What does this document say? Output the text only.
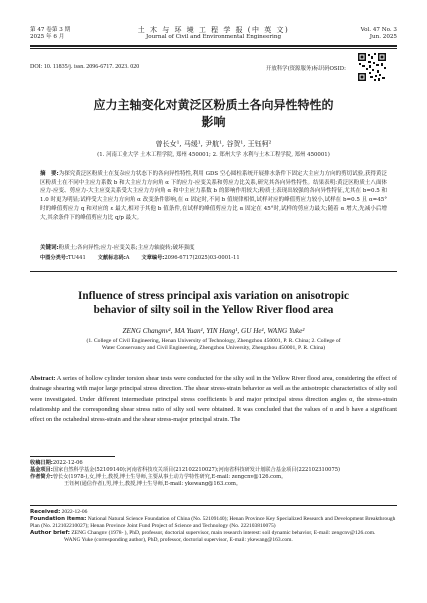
第 47 卷第 3 期
2025 年 6 月
土 木 与 环 境 工 程 学 报 (中 英 文)
Journal of Civil and Environmental Engineering
Vol. 47 No. 3
Jun. 2025
DOI: 10. 11835/j. issn. 2096-6717. 2023. 020	开放科学(资源服务)标识码OSID:
应力主轴变化对黄泛区粉质土各向异性特性的
影响
曾长女¹, 马缓¹, 尹航¹, 谷贺¹, 王钰柯²
(1. 河南工业大学 土木工程学院, 郑州 450001; 2. 郑州大学 水利与土木工程学院, 郑州 450001)
摘　要:为探究黄泛区粉质土在复杂应力状态下的各向异性特性,利用 GDS 空心圆柱系统开展排水条件下固定大主应力方向的剪切试验,获得黄泛区粉质土在不同中主应力系数 b 和大主应力方向角 α 下的应力-应变关系和剪应力比关系,研究其各向异性特性。结果表明:黄泛区粉质土八面体应力-应变、剪应力-大主应变关系受大主应力方向角 α 和中主应力系数 b 的影响作用较大;粉质土表现出较强的各向异性特征,尤其在 b=0.5 和 1.0 时更为明显;试样受大主应力方向角 α 改变条件影响,在 α 固定时,不同 b 值规律相似,试样对应的峰值剪应力较小,试样在 b=0.5 且 α=45°时的峰值剪应力 q 和对应的 ε 最大,相对于其他 b 值条件,在试样的峰值剪应力比 α 固定在 45°时,试样的剪应力最大;随着 α 增大,先减小后增大,其余条件下的峰值剪应力比 q/p 最大。
关键词:粉质土;各向异性;应力-应变关系;主应力轴旋转;破坏强度
中图分类号:TU441 文献标志码:A 文章编号:2096-6717(2025)03-0001-11
Influence of stress principal axis variation on anisotropic
behavior of silty soil in the Yellow River flood area
ZENG Changnv¹, MA Yuan¹, YIN Hang¹, GU He¹, WANG Yuke²
(1. College of Civil Engineering, Henan University of Technology, Zhengzhou 450001, P. R. China; 2. College of
Water Conservancy and Civil Engineering, Zhengzhou University, Zhengzhou 450001, P. R. China)
Abstract: A series of hollow cylinder torsion shear tests were conducted for the silty soil in the Yellow River flood area, considering the effect of drainage shearing with major large principal stress direction. The shear stress-strain behavior as well as the anisotropic characteristics of silty soil were investigated. Under different intermediate principal stress coefficients b and major principal stress direction angles α, the stress-strain relationship and the corresponding shear stress ratio of silty soil were obtained. It was concluded that the values of α and b have a significant effect on the octahedral stress-strain and the shear stress-major principal strain. The
收稿日期:2022-12-06
基金项目:国家自然科学基金(52109140);河南省科技攻关项目(212102210027);河南省科技研发计划联合基金项目(222102310075)
作者简介:曾长女(1978-),女,博士,教授,博士生导师,主要从事土动力学特性研究,E-mail: zengcnv@126.com。
王钰柯(通信作者),男,博士,教授,博士生导师,E-mail: ykewang@163.com。
Received: 2022-12-06
Foundation items: National Natural Science Foundation of China (No. 52109140); Henan Province Key Specialized Research and Development Breakthrough Plan (No. 212102210027); Henan Province Joint Fund Project of Science and Technology (No. 222103810075)
Author brief: ZENG Changnv (1978- ), PhD, professor, doctorial supervisor, main research interest: soil dynamic behavior, E-mail: zengcnv@126.com.
WANG Yuke (corresponding author), PhD, professor, doctorial supervisor, E-mail: ykewang@163.com.
